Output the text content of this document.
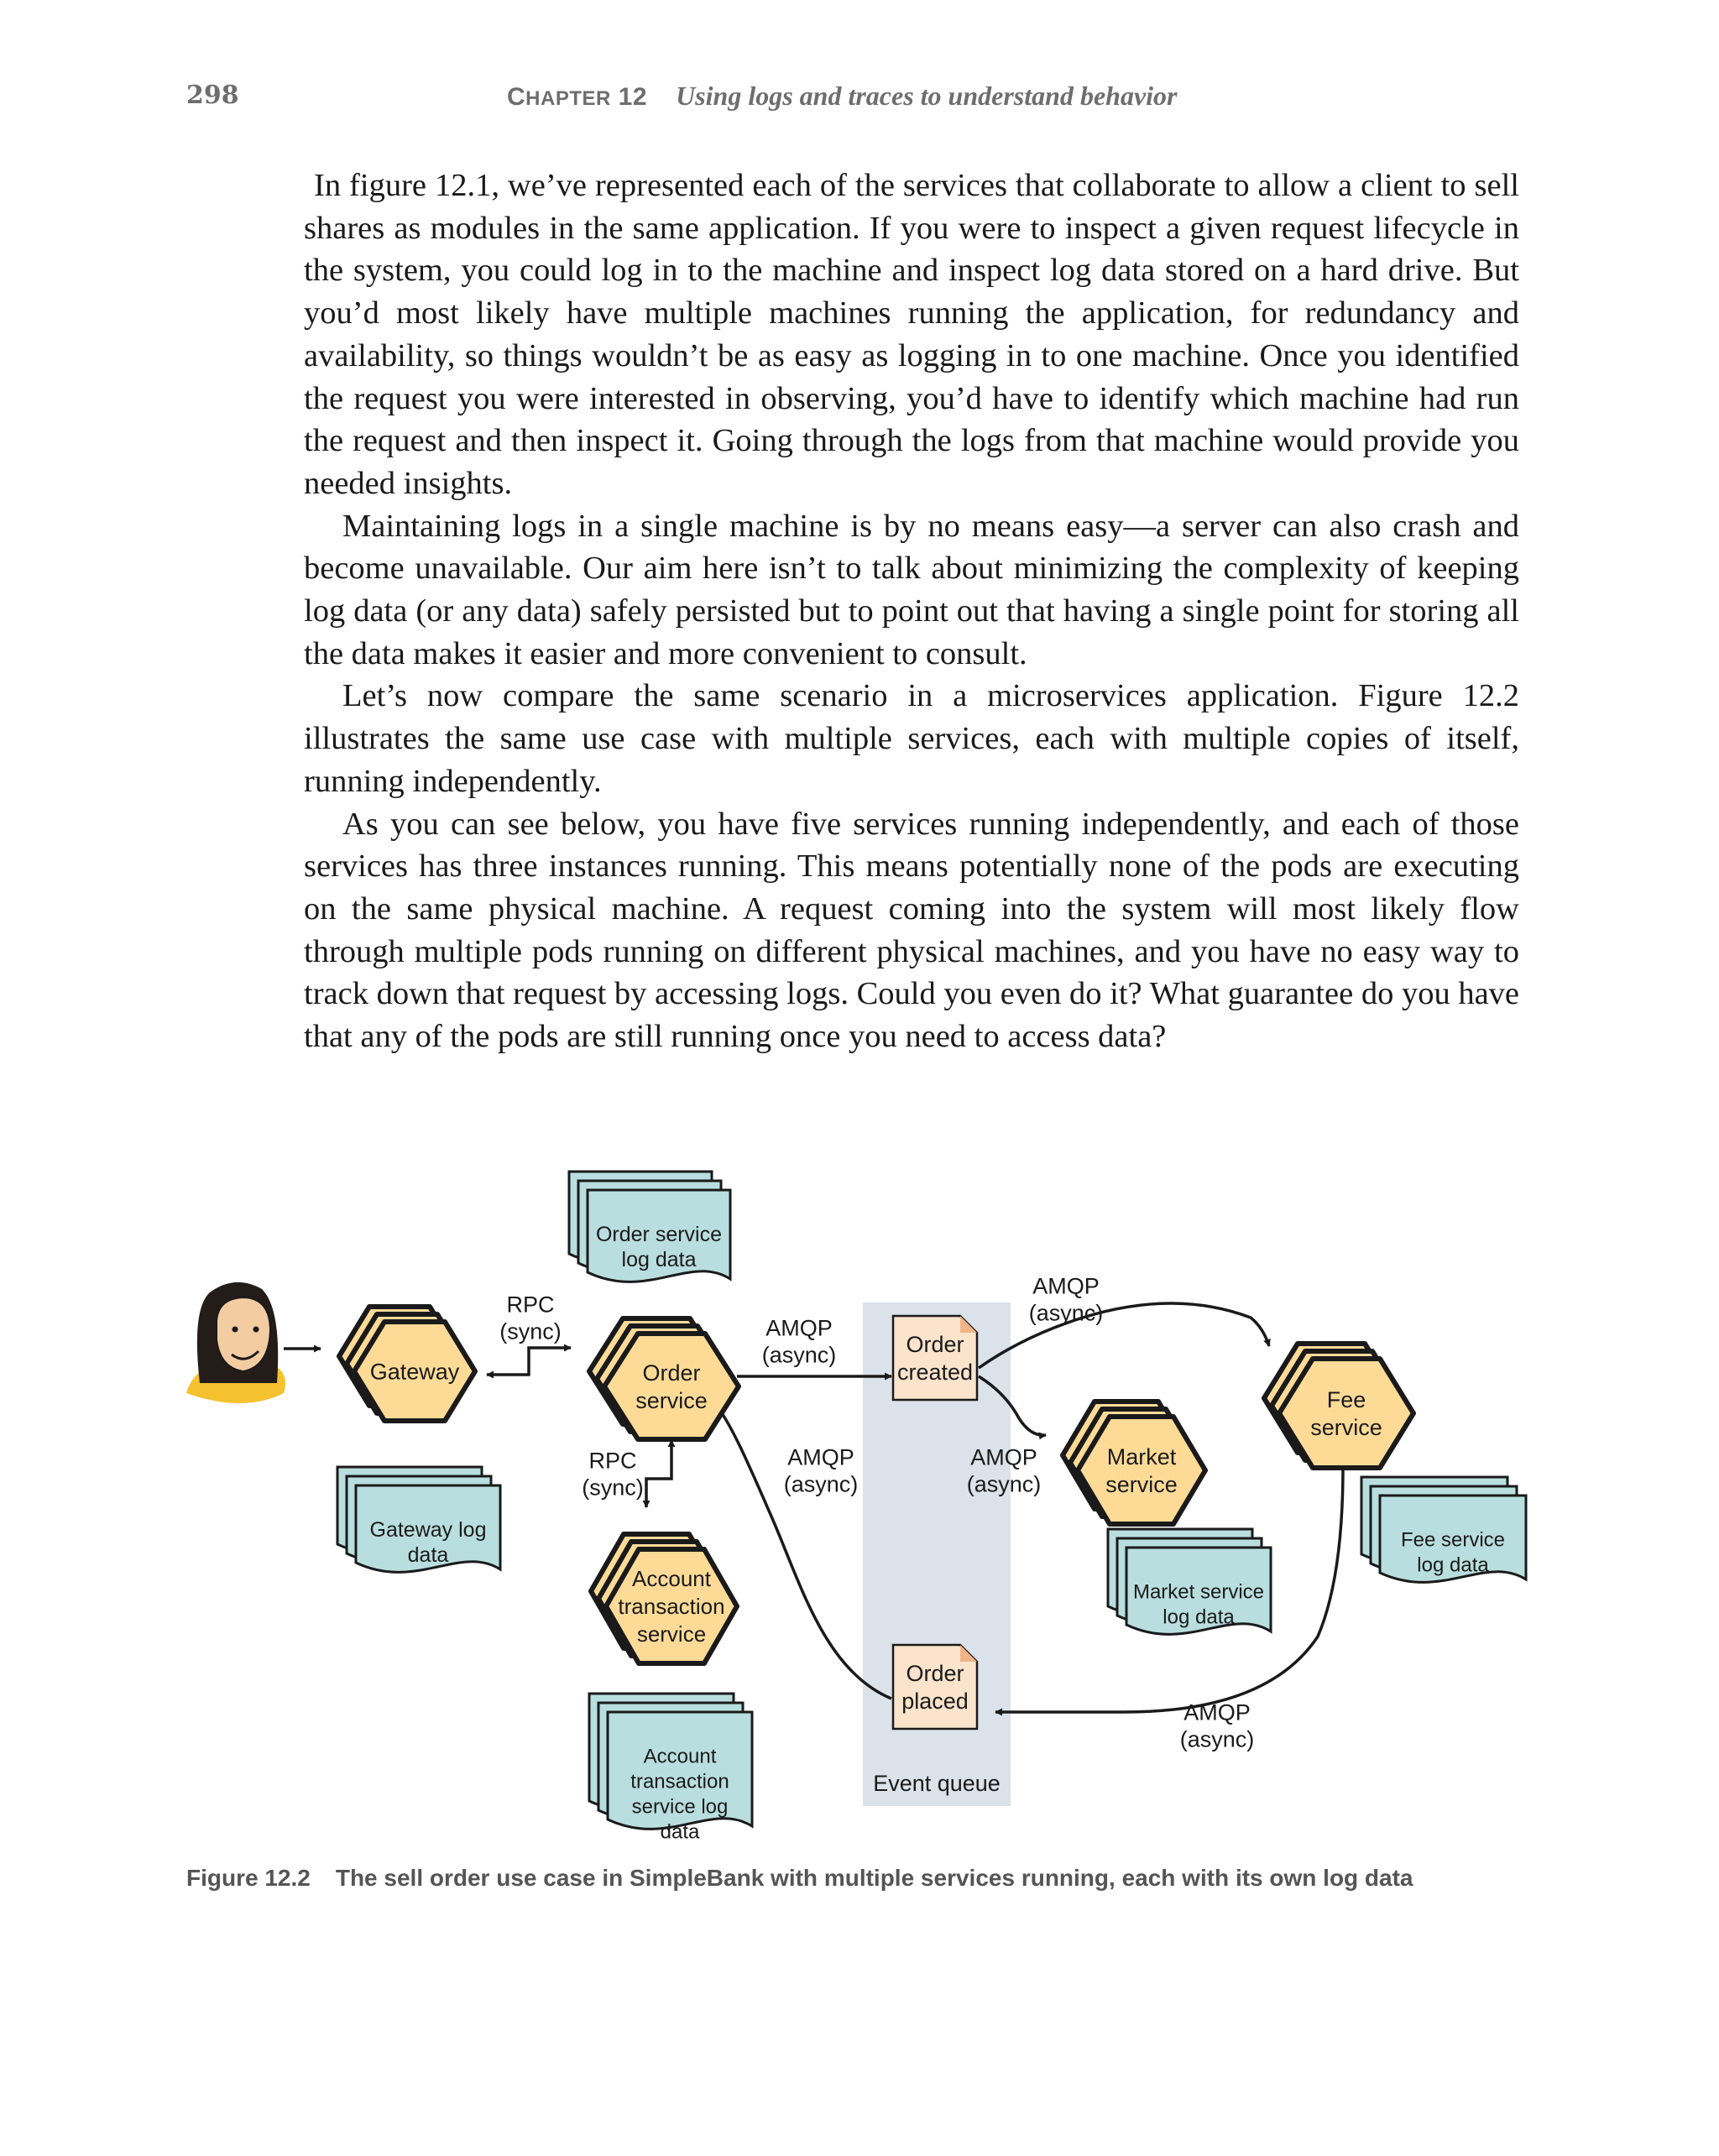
298	CHAPTER 12 Using logs and traces to understand behavior

In figure 12.1, we’ve represented each of the services that collaborate to allow a client to sell shares as modules in the same application. If you were to inspect a given request lifecycle in the system, you could log in to the machine and inspect log data stored on a hard drive. But you’d most likely have multiple machines running the application, for redundancy and availability, so things wouldn’t be as easy as logging in to one machine. Once you identified the request you were interested in observing, you’d have to identify which machine had run the request and then inspect it. Going through the logs from that machine would provide you needed insights.

Maintaining logs in a single machine is by no means easy—a server can also crash and become unavailable. Our aim here isn’t to talk about minimizing the complexity of keeping log data (or any data) safely persisted but to point out that having a single point for storing all the data makes it easier and more convenient to consult.

Let’s now compare the same scenario in a microservices application. Figure 12.2 illustrates the same use case with multiple services, each with multiple copies of itself, running independently.

As you can see below, you have five services running independently, and each of those services has three instances running. This means potentially none of the pods are executing on the same physical machine. A request coming into the system will most likely flow through multiple pods running on different physical machines, and you have no easy way to track down that request by accessing logs. Could you even do it? What guarantee do you have that any of the pods are still running once you need to access data?

Gateway	Order
service
Account
transaction
service
Market
service
Fee
service
Order service
log data
Gateway log
data
Account
transaction
service log
data
Market service
log data
Fee service
log data
Order
created
Order
placed
RPC
(sync)	AMQP
(async)
RPC
(sync)
AMQP
(async)
AMQP
(async)
AMQP
(async)
AMQP
(async)
Event queue
Figure 12.2 The sell order use case in SimpleBank with multiple services running, each with its own log data
